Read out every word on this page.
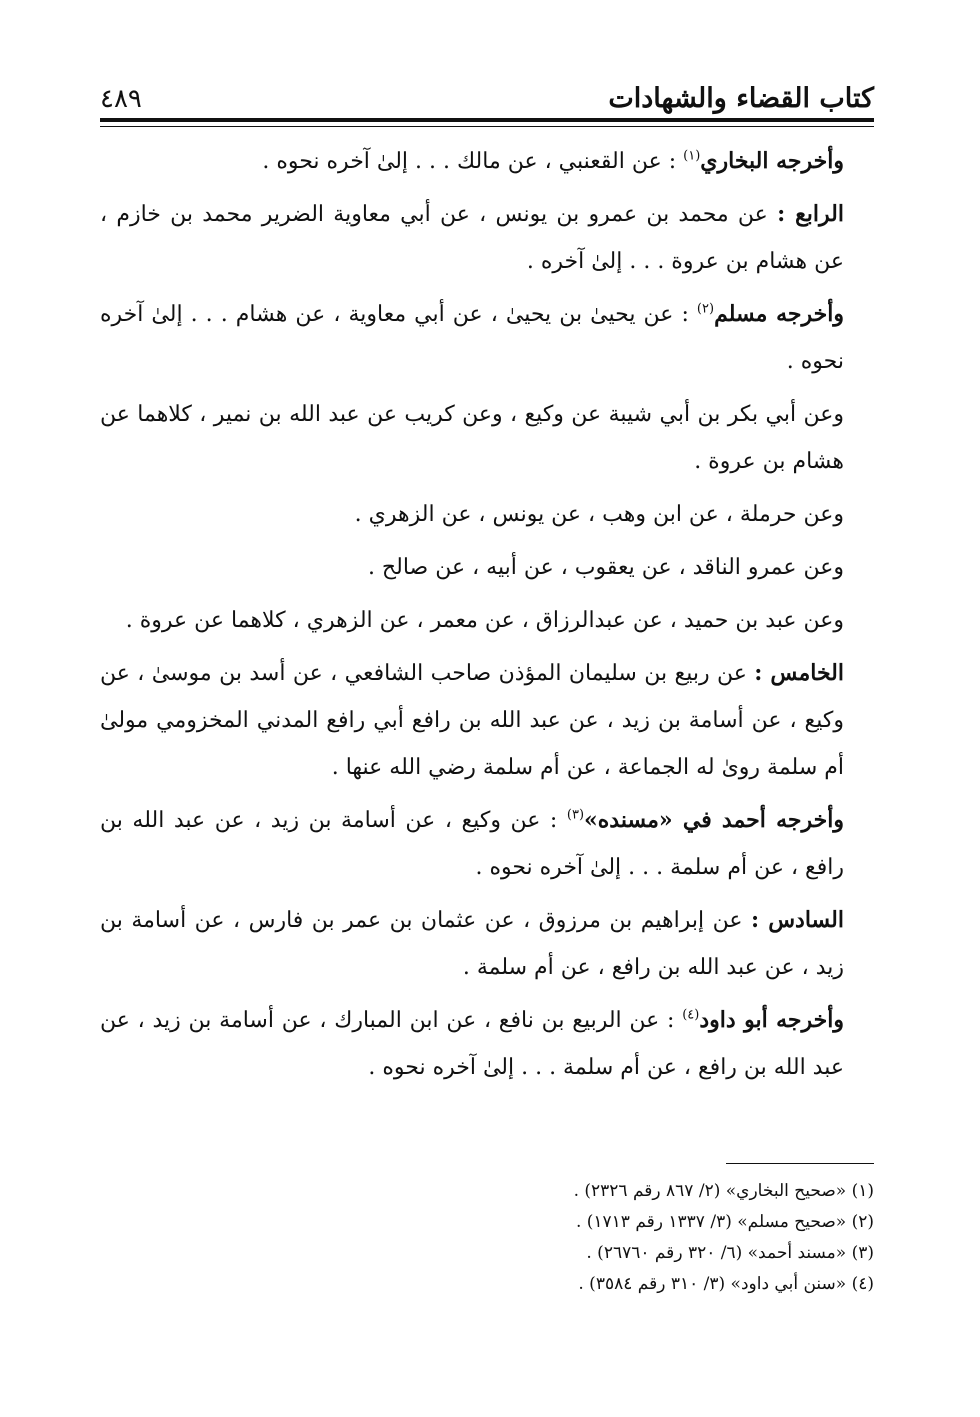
٤٨٩	كتاب القضاء والشهادات

وأخرجه البخاري$^{(١)}$ : عن القعنبي ، عن مالك . . . إلىٰ آخره نحوه .

الرابع : عن محمد بن عمرو بن يونس ، عن أبي معاوية الضرير محمد بن خازم ، عن هشام بن عروة . . . إلىٰ آخره .

وأخرجه مسلم$^{(٢)}$ : عن يحيىٰ بن يحيىٰ ، عن أبي معاوية ، عن هشام . . . إلىٰ آخره نحوه .

وعن أبي بكر بن أبي شيبة عن وكيع ، وعن كريب عن عبد الله بن نمير ، كلاهما عن هشام بن عروة .

وعن حرملة ، عن ابن وهب ، عن يونس ، عن الزهري .

وعن عمرو الناقد ، عن يعقوب ، عن أبيه ، عن صالح .

وعن عبد بن حميد ، عن عبدالرزاق ، عن معمر ، عن الزهري ، كلاهما عن عروة .

الخامس : عن ربيع بن سليمان المؤذن صاحب الشافعي ، عن أسد بن موسىٰ ، عن وكيع ، عن أسامة بن زيد ، عن عبد الله بن رافع أبي رافع المدني المخزومي مولىٰ أم سلمة روىٰ له الجماعة ، عن أم سلمة رضي الله عنها .

وأخرجه أحمد في «مسنده»$^{(٣)}$ : عن وكيع ، عن أسامة بن زيد ، عن عبد الله بن رافع ، عن أم سلمة . . . إلىٰ آخره نحوه .

السادس : عن إبراهيم بن مرزوق ، عن عثمان بن عمر بن فارس ، عن أسامة بن زيد ، عن عبد الله بن رافع ، عن أم سلمة .

وأخرجه أبو داود$^{(٤)}$ : عن الربيع بن نافع ، عن ابن المبارك ، عن أسامة بن زيد ، عن عبد الله بن رافع ، عن أم سلمة . . . إلىٰ آخره نحوه .

(١) «صحيح البخاري» (٢/ ٨٦٧ رقم ٢٣٢٦) .
(٢) «صحيح مسلم» (٣/ ١٣٣٧ رقم ١٧١٣) .
(٣) «مسند أحمد» (٦/ ٣٢٠ رقم ٢٦٧٦٠) .
(٤) «سنن أبي داود» (٣/ ٣١٠ رقم ٣٥٨٤) .
